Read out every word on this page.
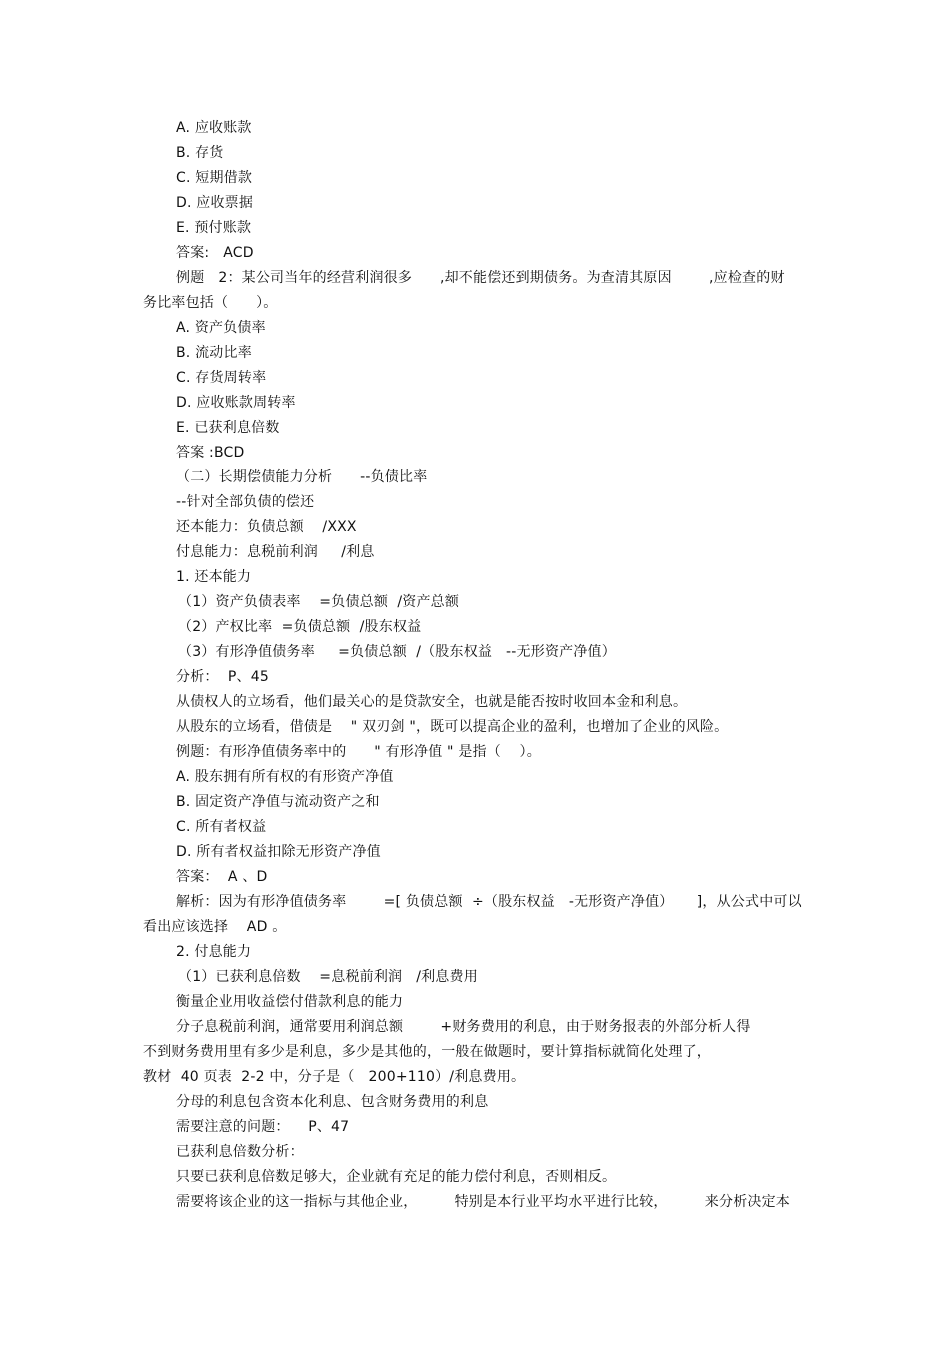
A. 应收账款
B. 存货
C. 短期借款
D. 应收票据
E. 预付账款
答案:   ACD
例题   2：某公司当年的经营利润很多      ,却不能偿还到期债务。为查清其原因        ,应检查的财
务比率包括（      ）。
A. 资产负债率
B. 流动比率
C. 存货周转率
D. 应收账款周转率
E. 已获利息倍数
答案 :BCD
（二）长期偿债能力分析      --负债比率
--针对全部负债的偿还
还本能力：负债总额    /XXX
付息能力：息税前利润     /利息
1. 还本能力
（1）资产负债表率    =负债总额  /资产总额
（2）产权比率  =负债总额  /股东权益
（3）有形净值债务率     =负债总额  /（股东权益   --无形资产净值）
分析：  P、45
从债权人的立场看，他们最关心的是贷款安全，也就是能否按时收回本金和利息。
从股东的立场看，借债是    " 双刃剑 "，既可以提高企业的盈利，也增加了企业的风险。
例题：有形净值债务率中的      " 有形净值 " 是指（    ）。
A. 股东拥有所有权的有形资产净值
B. 固定资产净值与流动资产之和
C. 所有者权益
D. 所有者权益扣除无形资产净值
答案：  A 、D
解析：因为有形净值债务率        =[ 负债总额  ÷（股东权益   -无形资产净值）     ]，从公式中可以
看出应该选择    AD 。
2. 付息能力
（1）已获利息倍数    =息税前利润   /利息费用
衡量企业用收益偿付借款利息的能力
分子息税前利润，通常要用利润总额        +财务费用的利息，由于财务报表的外部分析人得
不到财务费用里有多少是利息，多少是其他的，一般在做题时，要计算指标就简化处理了，
教材  40 页表  2-2 中，分子是（   200+110）/利息费用。
分母的利息包含资本化利息、包含财务费用的利息
需要注意的问题：    P、47
已获利息倍数分析：
只要已获利息倍数足够大，企业就有充足的能力偿付利息，否则相反。
需要将该企业的这一指标与其他企业，        特别是本行业平均水平进行比较，        来分析决定本
